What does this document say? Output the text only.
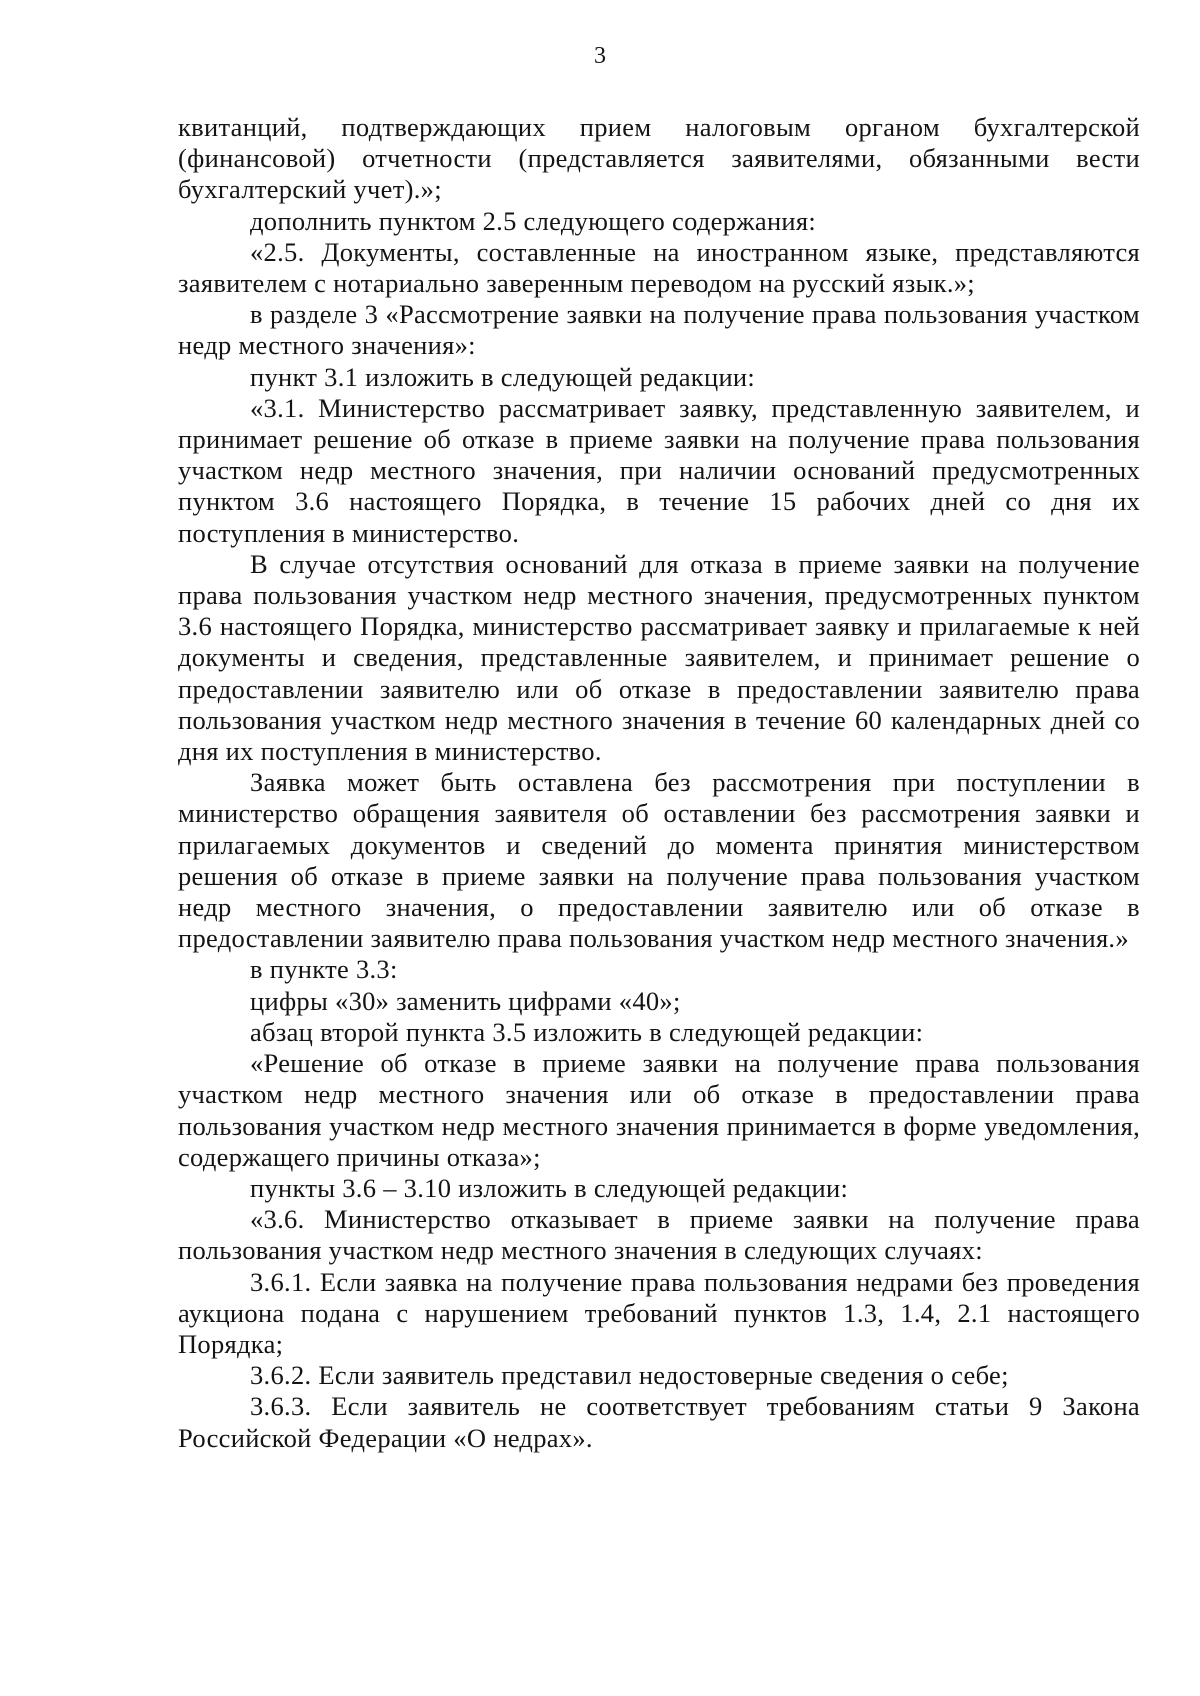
3

квитанций, подтверждающих прием налоговым органом бухгалтерской (финансовой) отчетности (представляется заявителями, обязанными вести бухгалтерский учет).»;

дополнить пунктом 2.5 следующего содержания:

«2.5. Документы, составленные на иностранном языке, представляются заявителем с нотариально заверенным переводом на русский язык.»;

в разделе 3 «Рассмотрение заявки на получение права пользования участком недр местного значения»:

пункт 3.1 изложить в следующей редакции:

«3.1. Министерство рассматривает заявку, представленную заявителем, и принимает решение об отказе в приеме заявки на получение права пользования участком недр местного значения, при наличии оснований предусмотренных пунктом 3.6 настоящего Порядка, в течение 15 рабочих дней со дня их поступления в министерство.

В случае отсутствия оснований для отказа в приеме заявки на получение права пользования участком недр местного значения, предусмотренных пунктом 3.6 настоящего Порядка, министерство рассматривает заявку и прилагаемые к ней документы и сведения, представленные заявителем, и принимает решение о предоставлении заявителю или об отказе в предоставлении заявителю права пользования участком недр местного значения в течение 60 календарных дней со дня их поступления в министерство.

Заявка может быть оставлена без рассмотрения при поступлении в министерство обращения заявителя об оставлении без рассмотрения заявки и прилагаемых документов и сведений до момента принятия министерством решения об отказе в приеме заявки на получение права пользования участком недр местного значения, о предоставлении заявителю или об отказе в предоставлении заявителю права пользования участком недр местного значения.»

в пункте 3.3:

цифры «30» заменить цифрами «40»;

абзац второй пункта 3.5 изложить в следующей редакции:

«Решение об отказе в приеме заявки на получение права пользования участком недр местного значения или об отказе в предоставлении права пользования участком недр местного значения принимается в форме уведомления, содержащего причины отказа»;

пункты 3.6 – 3.10 изложить в следующей редакции:

«3.6. Министерство отказывает в приеме заявки на получение права пользования участком недр местного значения в следующих случаях:

3.6.1. Если заявка на получение права пользования недрами без проведения аукциона подана с нарушением требований пунктов 1.3, 1.4, 2.1 настоящего Порядка;

3.6.2. Если заявитель представил недостоверные сведения о себе;

3.6.3. Если заявитель не соответствует требованиям статьи 9 Закона Российской Федерации «О недрах».
